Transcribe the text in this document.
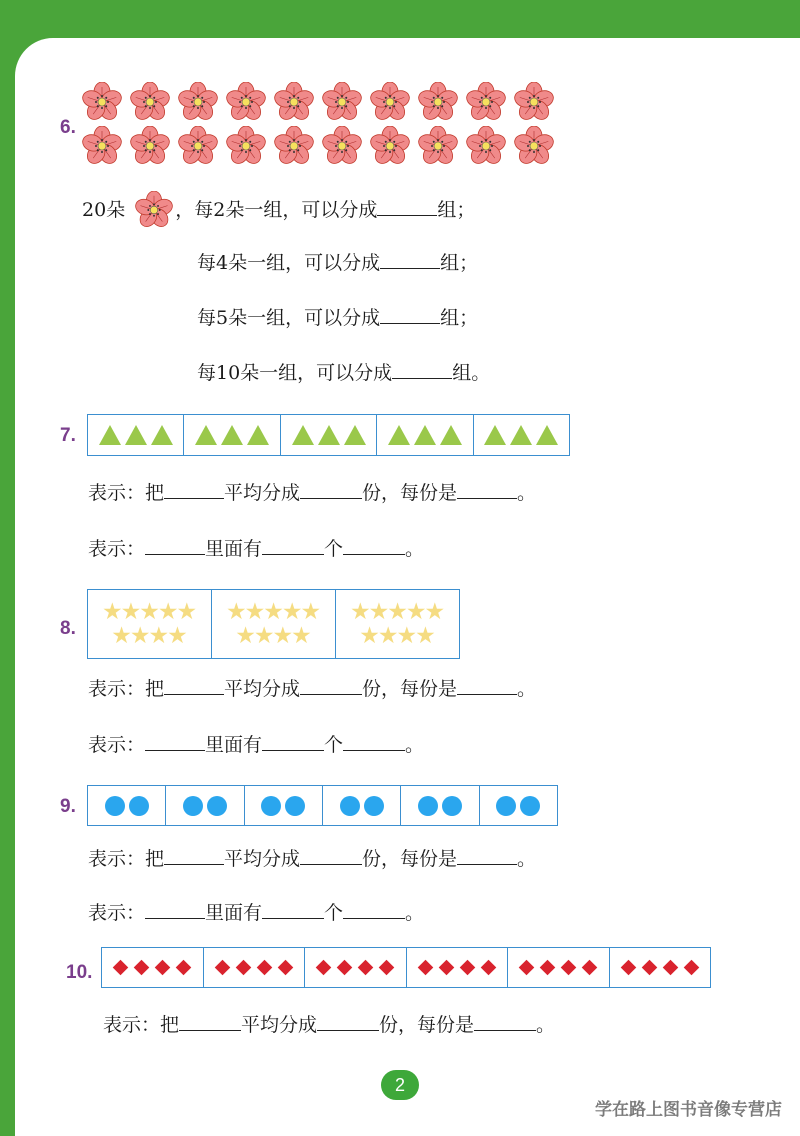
6.
20朵	，每2朵一组，可以分成	组；
每4朵一组，可以分成	组；
每5朵一组，可以分成	组；
每10朵一组，可以分成	组。
7.
表示：把	平均分成	份，每份是	。
表示：	里面有	个	。
8.
★
★
★
★
★
★
★
★
★
★
★
★
★
★
★
★
★
★
★
★
★
★
★
★
★
★
★
表示：把	平均分成	份，每份是	。
表示：	里面有	个	。
9.
表示：把	平均分成	份，每份是	。
表示：	里面有	个	。
10.
表示：把	平均分成	份，每份是	。
2
学在路上图书音像专营店
